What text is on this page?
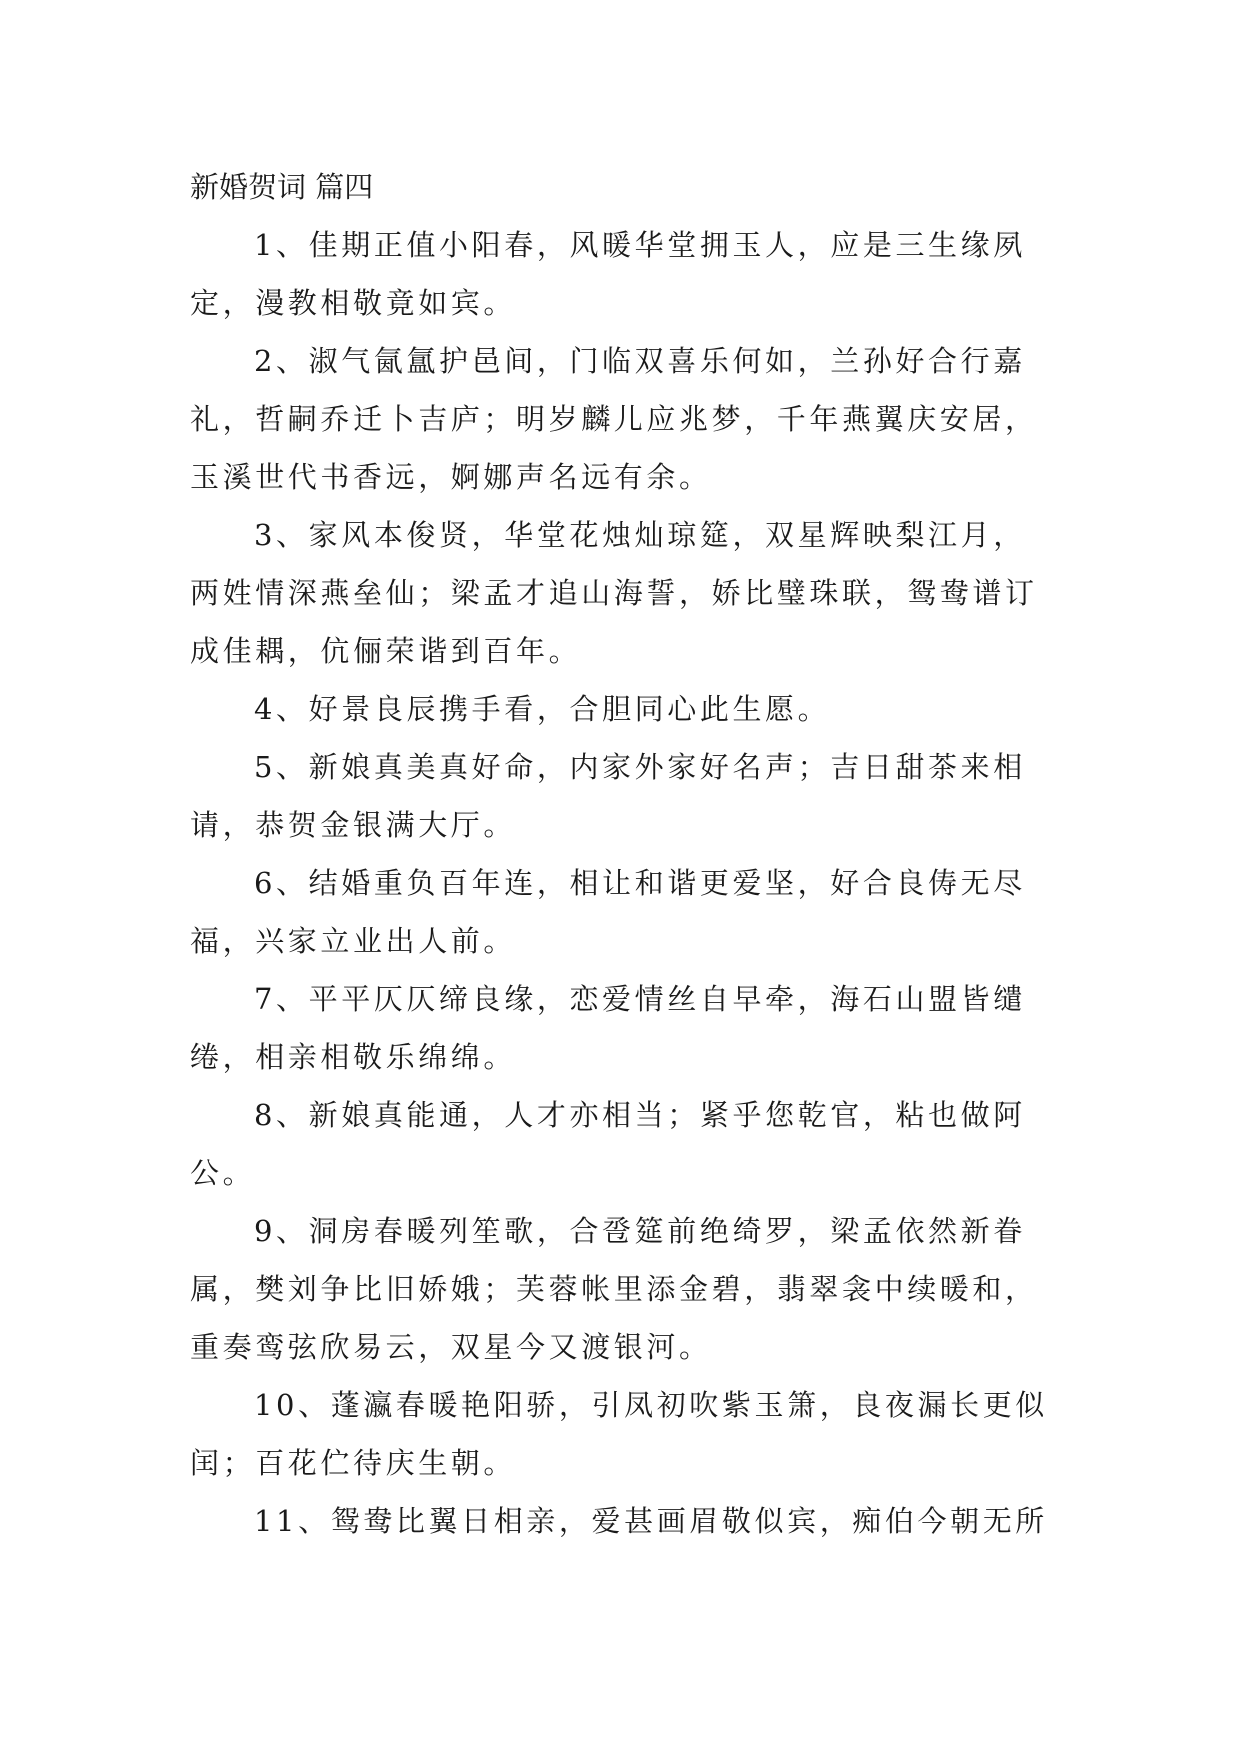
新婚贺词 篇四

1、佳期正值小阳春，风暖华堂拥玉人，应是三生缘夙
定，漫教相敬竟如宾。

2、淑气氤氲护邑间，门临双喜乐何如，兰孙好合行嘉
礼，哲嗣乔迁卜吉庐；明岁麟儿应兆梦，千年燕翼庆安居，
玉溪世代书香远，婀娜声名远有余。

3、家风本俊贤，华堂花烛灿琼筵，双星辉映梨江月，
两姓情深燕垒仙；梁孟才追山海誓，娇比璧珠联，鸳鸯谱订
成佳耦，伉俪荣谐到百年。

4、好景良辰携手看，合胆同心此生愿。

5、新娘真美真好命，内家外家好名声；吉日甜茶来相
请，恭贺金银满大厅。

6、结婚重负百年连，相让和谐更爱坚，好合良俦无尽
福，兴家立业出人前。

7、平平仄仄缔良缘，恋爱情丝自早牵，海石山盟皆缱
绻，相亲相敬乐绵绵。

8、新娘真能通，人才亦相当；紧乎您乾官，粘也做阿
公。

9、洞房春暖列笙歌，合卺筵前绝绮罗，梁孟依然新眷
属，樊刘争比旧娇娥；芙蓉帐里添金碧，翡翠衾中续暖和，
重奏鸾弦欣易云，双星今又渡银河。

10、蓬瀛春暖艳阳骄，引凤初吹紫玉箫，良夜漏长更似
闰；百花伫待庆生朝。

11、鸳鸯比翼日相亲，爱甚画眉敬似宾，痴伯今朝无所
